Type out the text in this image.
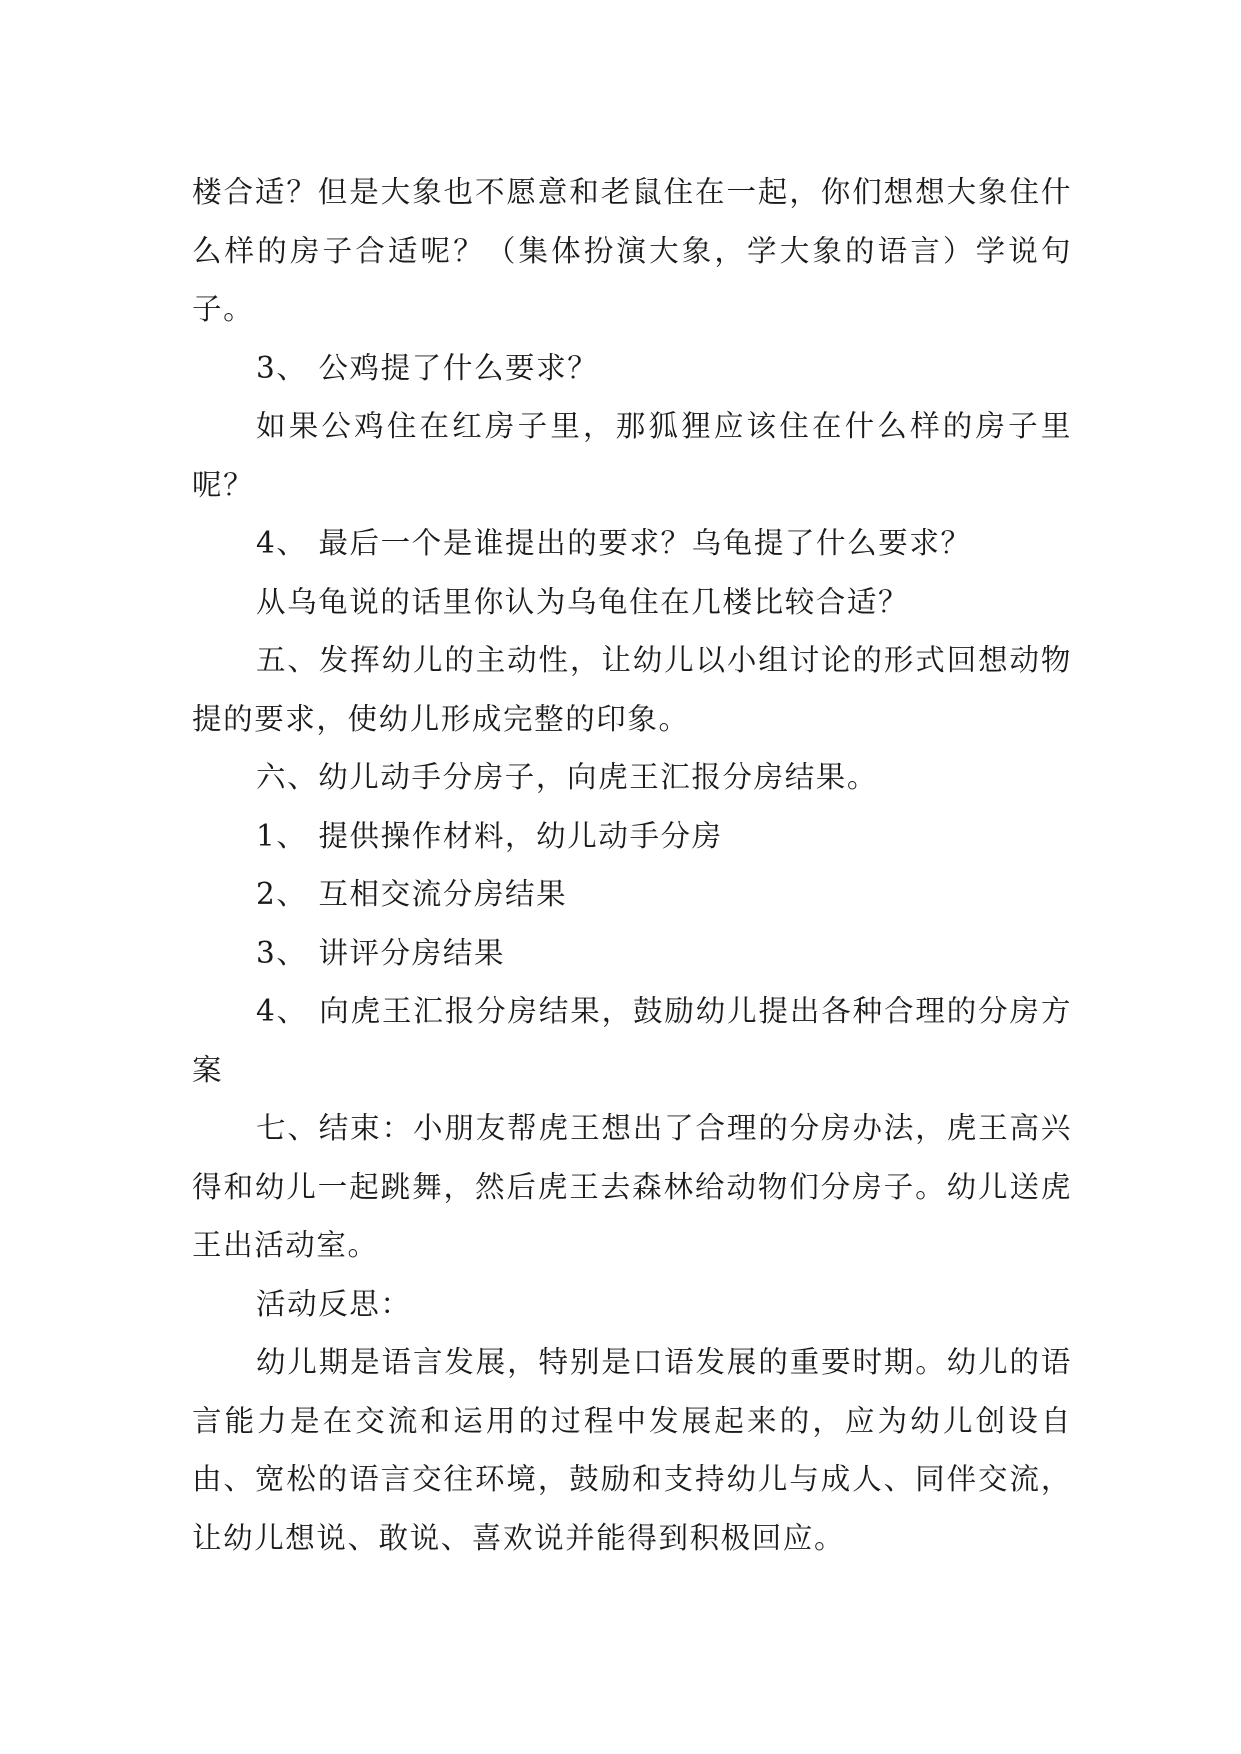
楼合适？但是大象也不愿意和老鼠住在一起，你们想想大象住什么样的房子合适呢？（集体扮演大象，学大象的语言）学说句子。

3、 公鸡提了什么要求？

如果公鸡住在红房子里，那狐狸应该住在什么样的房子里呢？

4、 最后一个是谁提出的要求？乌龟提了什么要求？

从乌龟说的话里你认为乌龟住在几楼比较合适？

五、发挥幼儿的主动性，让幼儿以小组讨论的形式回想动物提的要求，使幼儿形成完整的印象。

六、幼儿动手分房子，向虎王汇报分房结果。

1、 提供操作材料，幼儿动手分房

2、 互相交流分房结果

3、 讲评分房结果

4、 向虎王汇报分房结果，鼓励幼儿提出各种合理的分房方案

七、结束：小朋友帮虎王想出了合理的分房办法，虎王高兴得和幼儿一起跳舞，然后虎王去森林给动物们分房子。幼儿送虎王出活动室。

活动反思：

幼儿期是语言发展，特别是口语发展的重要时期。幼儿的语言能力是在交流和运用的过程中发展起来的，应为幼儿创设自由、宽松的语言交往环境，鼓励和支持幼儿与成人、同伴交流，让幼儿想说、敢说、喜欢说并能得到积极回应。
